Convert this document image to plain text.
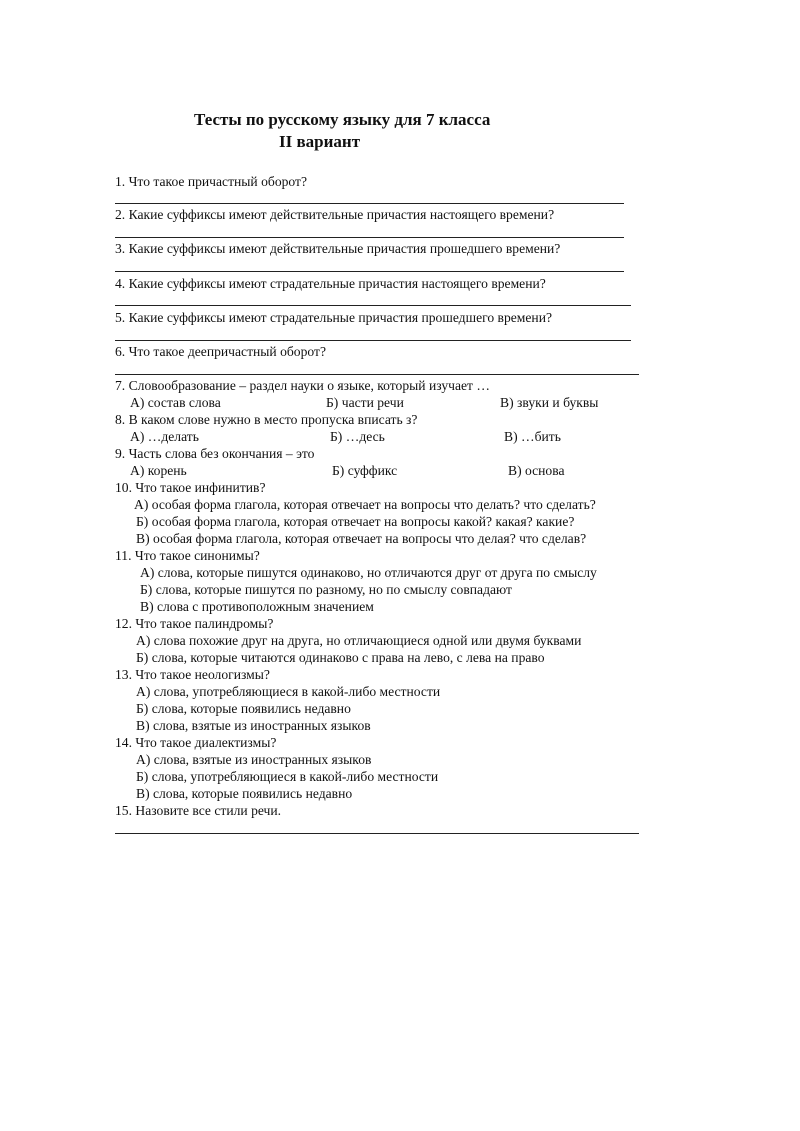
Тесты по русскому языку для 7 класса
II вариант
1. Что такое причастный оборот?
2. Какие суффиксы имеют действительные причастия настоящего времени?
3. Какие суффиксы имеют действительные причастия прошедшего времени?
4. Какие суффиксы имеют страдательные причастия настоящего времени?
5. Какие суффиксы имеют страдательные причастия прошедшего времени?
6. Что такое деепричастный оборот?
7. Словообразование – раздел науки о языке, который изучает …
А) состав слова	Б) части речи	В) звуки и буквы
8. В каком слове нужно в место пропуска вписать з?
А) …делать	Б) …десь	В) …бить
9. Часть слова без окончания – это
А) корень	Б) суффикс	В) основа
10. Что такое инфинитив?
А) особая форма глагола, которая отвечает на вопросы что делать? что сделать?
Б) особая форма глагола, которая отвечает на вопросы какой? какая? какие?
В) особая форма глагола, которая отвечает на вопросы что делая? что сделав?
11. Что такое синонимы?
А) слова, которые пишутся одинаково, но отличаются друг от друга по смыслу
Б) слова, которые пишутся по разному, но по смыслу совпадают
В) слова с противоположным значением
12. Что такое палиндромы?
А) слова похожие друг на друга, но отличающиеся одной или двумя буквами
Б) слова, которые читаются одинаково с права на лево, с лева на право
13. Что такое неологизмы?
А) слова, употребляющиеся в какой-либо местности
Б) слова, которые появились недавно
В) слова, взятые из иностранных языков
14. Что такое диалектизмы?
А) слова, взятые из иностранных языков
Б) слова, употребляющиеся в какой-либо местности
В) слова, которые появились недавно
15. Назовите все стили речи.
